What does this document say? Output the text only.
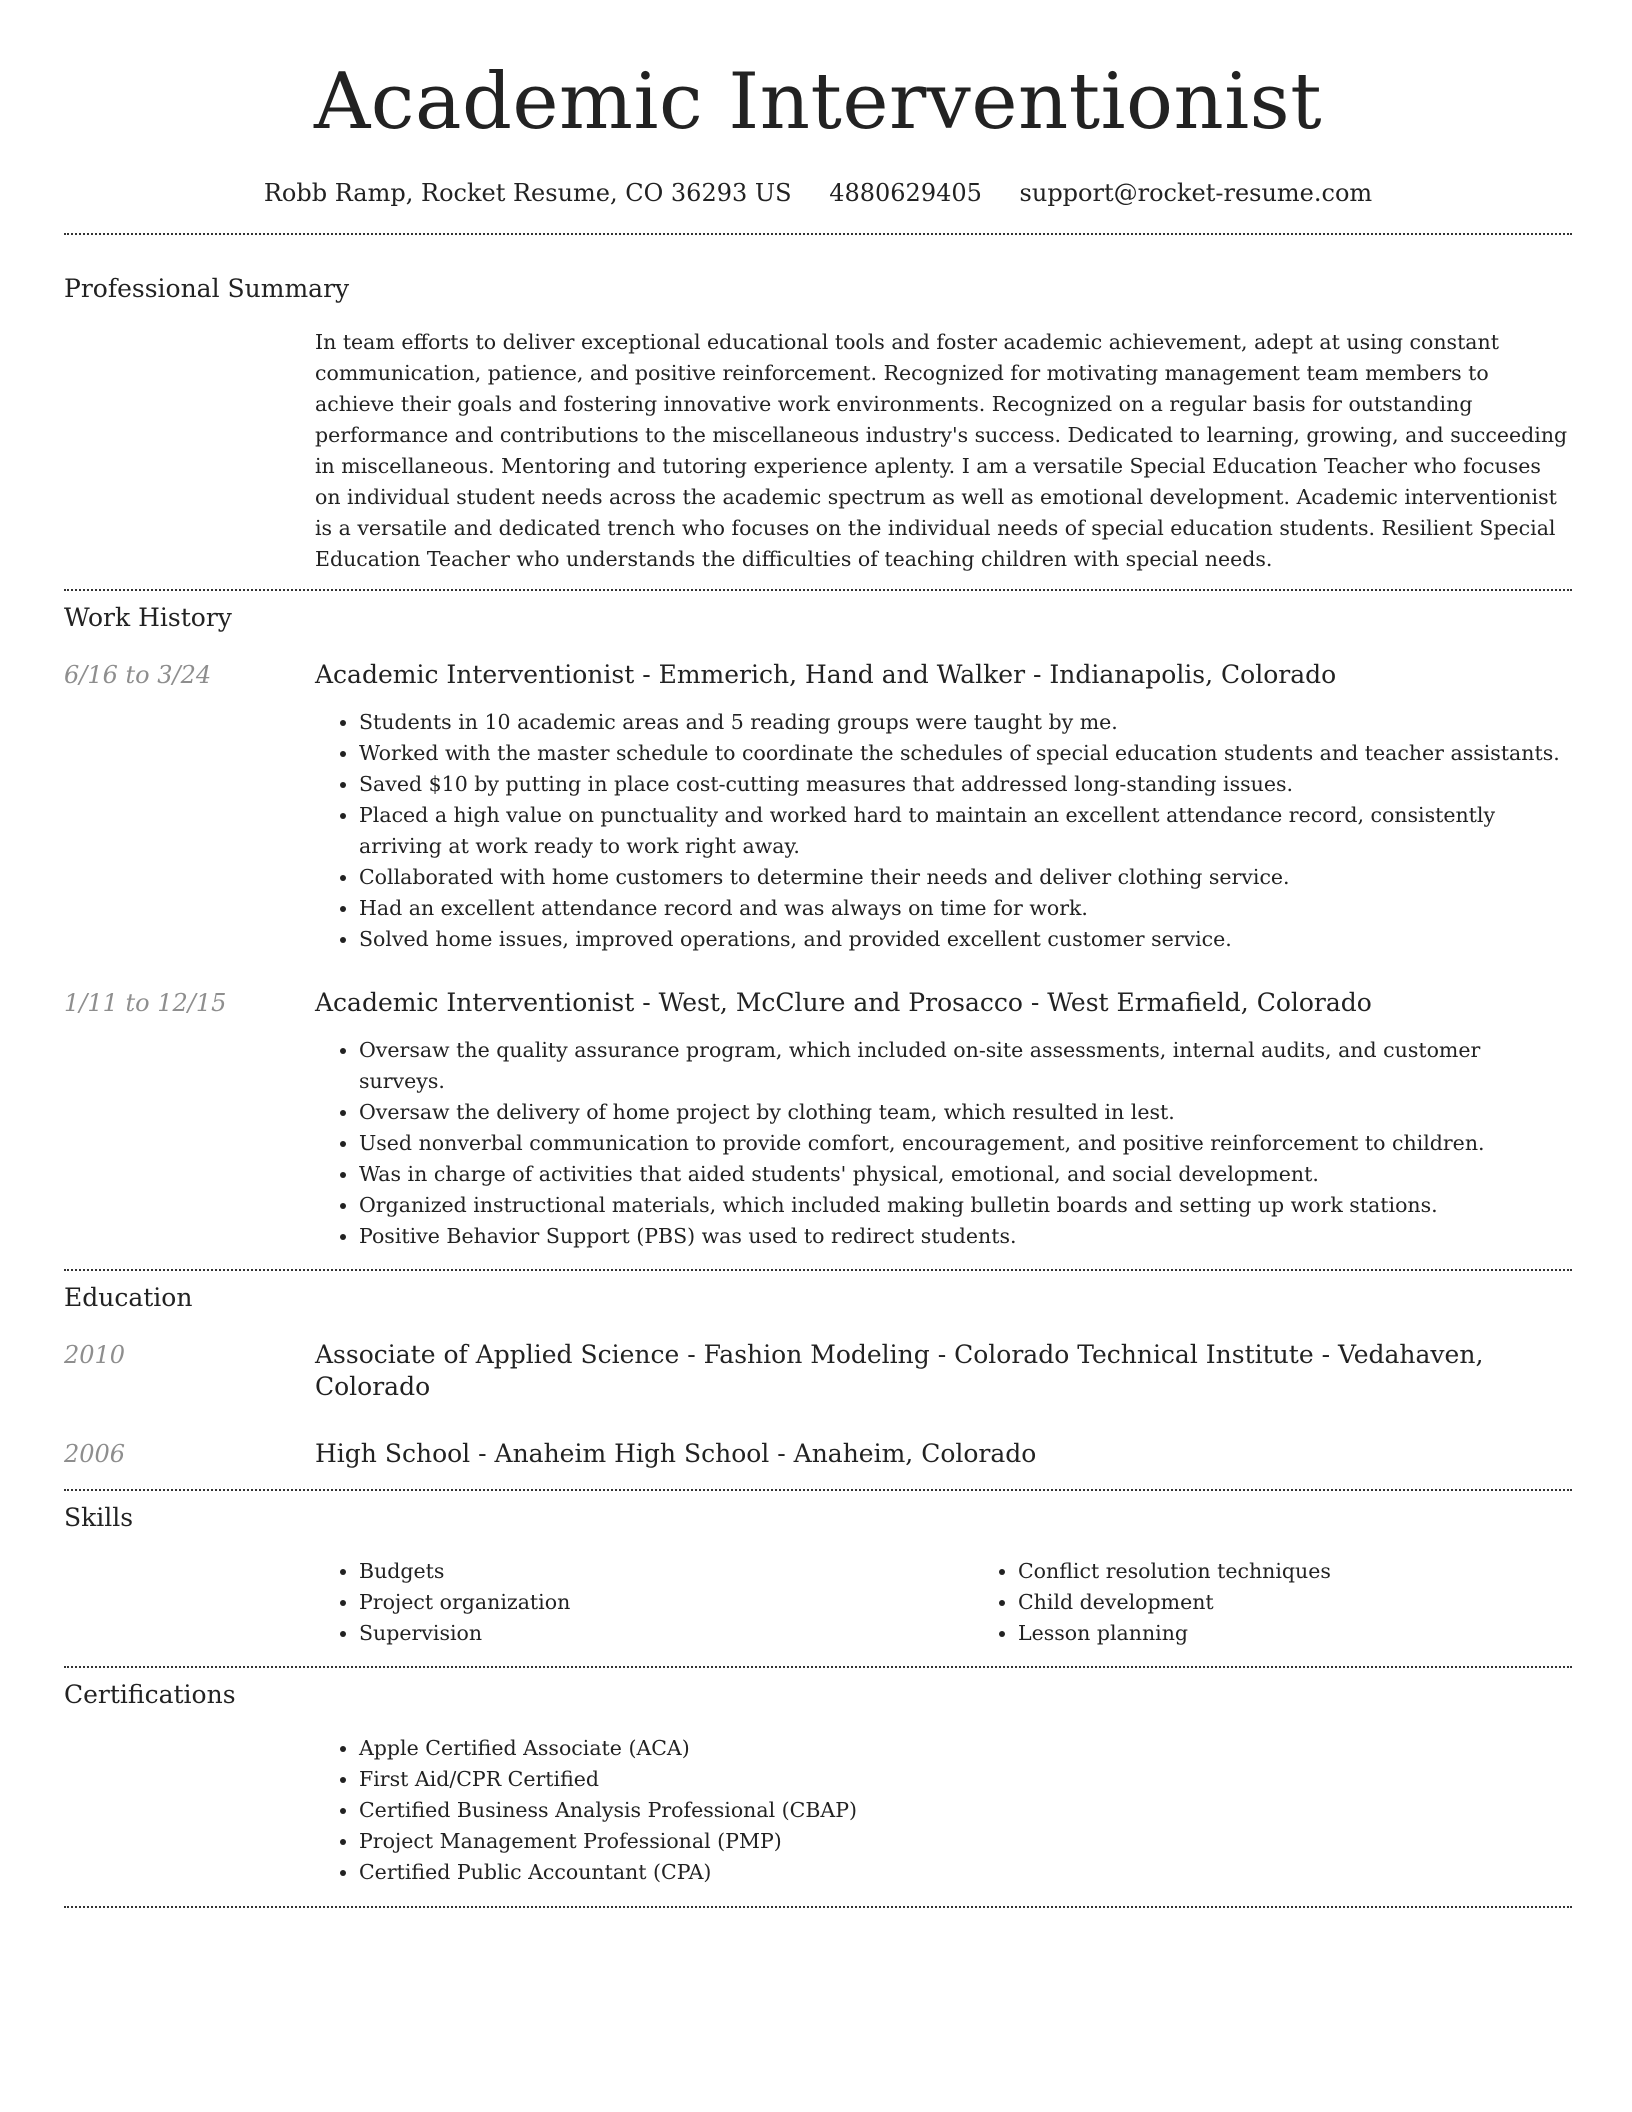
Academic Interventionist
Robb Ramp, Rocket Resume, CO 36293 US 4880629405 support@rocket-resume.com
Professional Summary

In team efforts to deliver exceptional educational tools and foster academic achievement, adept at using constant communication, patience, and positive reinforcement. Recognized for motivating management team members to achieve their goals and fostering innovative work environments. Recognized on a regular basis for outstanding performance and contributions to the miscellaneous industry's success. Dedicated to learning, growing, and succeeding in miscellaneous. Mentoring and tutoring experience aplenty. I am a versatile Special Education Teacher who focuses on individual student needs across the academic spectrum as well as emotional development. Academic interventionist is a versatile and dedicated trench who focuses on the individual needs of special education students. Resilient Special Education Teacher who understands the difficulties of teaching children with special needs.

Work History
6/16 to 3/24	Academic Interventionist - Emmerich, Hand and Walker - Indianapolis, Colorado
• Students in 10 academic areas and 5 reading groups were taught by me.
• Worked with the master schedule to coordinate the schedules of special education students and teacher assistants.
• Saved $10 by putting in place cost-cutting measures that addressed long-standing issues.
• Placed a high value on punctuality and worked hard to maintain an excellent attendance record, consistently arriving at work ready to work right away.
• Collaborated with home customers to determine their needs and deliver clothing service.
• Had an excellent attendance record and was always on time for work.
• Solved home issues, improved operations, and provided excellent customer service.
1/11 to 12/15	Academic Interventionist - West, McClure and Prosacco - West Ermafield, Colorado
• Oversaw the quality assurance program, which included on-site assessments, internal audits, and customer surveys.
• Oversaw the delivery of home project by clothing team, which resulted in lest.
• Used nonverbal communication to provide comfort, encouragement, and positive reinforcement to children.
• Was in charge of activities that aided students' physical, emotional, and social development.
• Organized instructional materials, which included making bulletin boards and setting up work stations.
• Positive Behavior Support (PBS) was used to redirect students.
Education
2010	Associate of Applied Science - Fashion Modeling - Colorado Technical Institute - Vedahaven, Colorado
2006	High School - Anaheim High School - Anaheim, Colorado
Skills
• Budgets
• Project organization
• Supervision
• Conflict resolution techniques
• Child development
• Lesson planning
Certifications
• Apple Certified Associate (ACA)
• First Aid/CPR Certified
• Certified Business Analysis Professional (CBAP)
• Project Management Professional (PMP)
• Certified Public Accountant (CPA)
